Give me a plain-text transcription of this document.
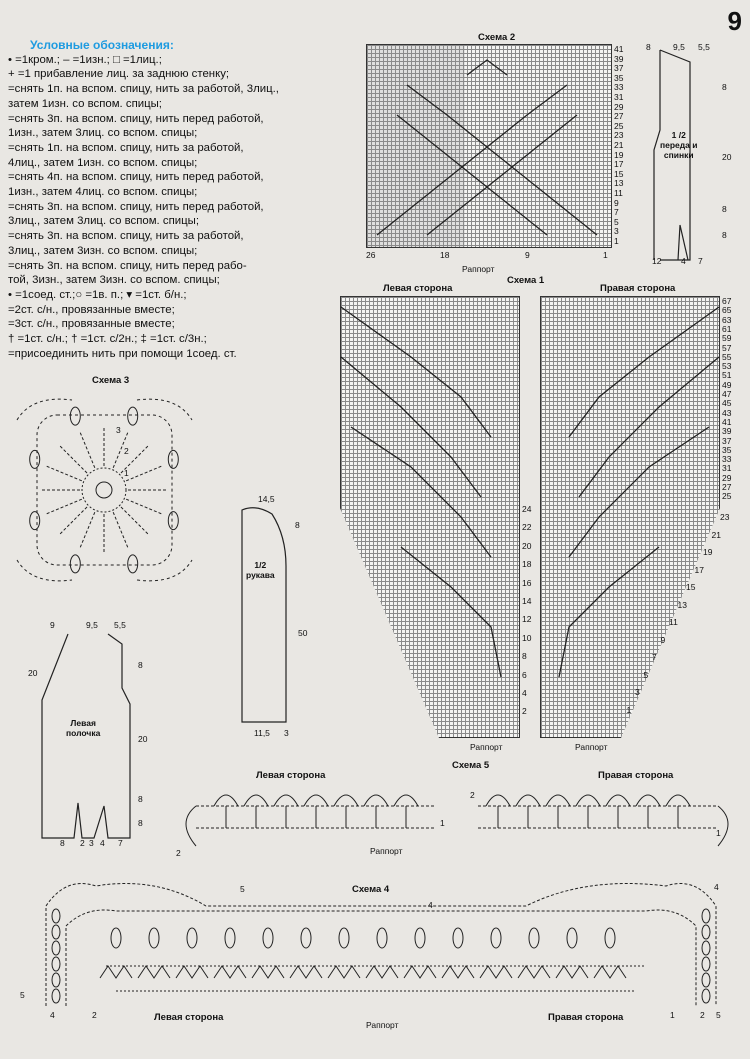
9
Условные обозначения:
• =1кром.; – =1изн.; □ =1лиц.;
+ =1 прибавление лиц. за заднюю стенку;
=снять 1п. на вспом. спицу, нить за работой, 3лиц.,
затем 1изн. со вспом. спицы;
=снять 3п. на вспом. спицу, нить перед работой,
1изн., затем 3лиц. со вспом. спицы;
=снять 1п. на вспом. спицу, нить за работой,
4лиц., затем 1изн. со вспом. спицы;
=снять 4п. на вспом. спицу, нить перед работой,
1изн., затем 4лиц. со вспом. спицы;
=снять 3п. на вспом. спицу, нить перед работой,
3лиц., затем 3лиц. со вспом. спицы;
=снять 3п. на вспом. спицу, нить за работой,
3лиц., затем 3изн. со вспом. спицы;
=снять 3п. на вспом. спицу, нить перед рабо-
той, 3изн., затем 3изн. со вспом. спицы;
• =1соед. ст.;○ =1в. п.; ▾ =1ст. б/н.;
=2ст. с/н., провязанные вместе;
=3ст. с/н., провязанные вместе;
† =1ст. с/н.; † =1ст. с/2н.; ‡ =1ст. с/3н.;
=присоединить нить при помощи 1соед. ст.
Схема 2
41
39
37
35
33
31
29
27
25
23
21
19
17
15
13
11
9
7
5
3
1
26	18	9	1
Раппорт
8	9,5 5,5
1 /2
переда и
спинки
8
20
8
8
12 4 7
Схема 1
Левая сторона	Правая сторона
67
65
63
61
59
57
55
53
51
49
47
45
43
41
39
37
35
33
31
29
27
25
24
22
20
18
16
14
12
10
8
6
4
2
23
21
19
17
15
13
11
9
7
5
3
1
Раппорт	Раппорт
Схема 3
3
2
1
14,5
1/2
рукава
8
50
11,5 3
9	9,5 5,5
20
Левая
полочка
8
20
8
8
8 2 3 4 7
Схема 5
Левая сторона	Правая сторона
2
1
2
1
Раппорт
Схема 4
5
4
4
5
4	2	1	2 5
Левая сторона	Правая сторона
Раппорт
